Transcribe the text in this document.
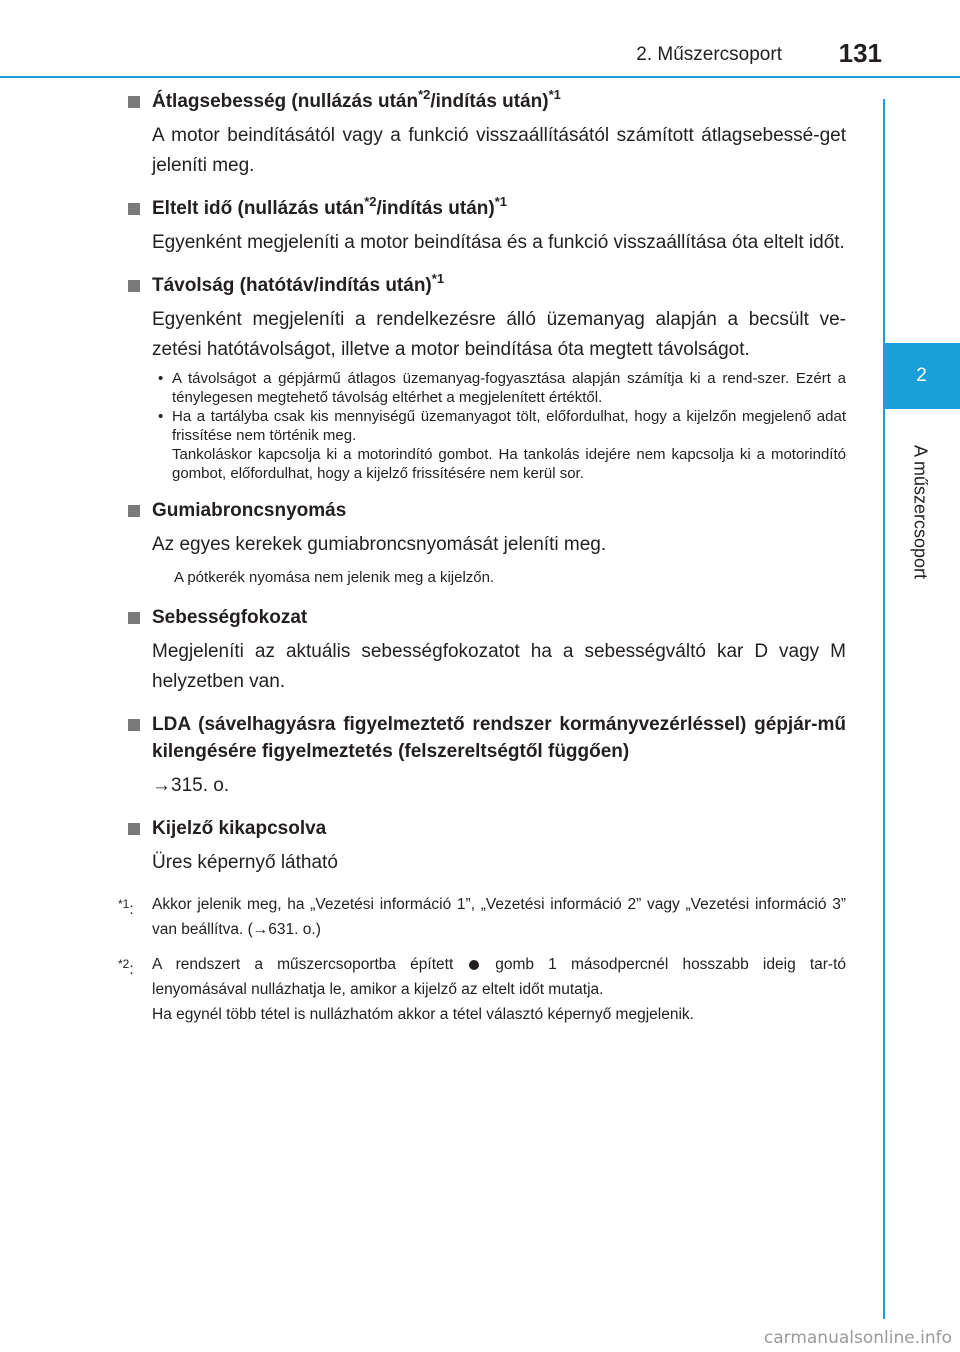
2. Műszercsoport 131
2
A műszercsoport
Átlagsebesség (nullázás után$^{*2}$/indítás után)$^{*1}$
A motor beindításától vagy a funkció visszaállításától számított átlagsebessé-get jeleníti meg.
Eltelt idő (nullázás után$^{*2}$/indítás után)$^{*1}$
Egyenként megjeleníti a motor beindítása és a funkció visszaállítása óta eltelt időt.
Távolság (hatótáv/indítás után)$^{*1}$
Egyenként megjeleníti a rendelkezésre álló üzemanyag alapján a becsült ve-zetési hatótávolságot, illetve a motor beindítása óta megtett távolságot.
• A távolságot a gépjármű átlagos üzemanyag-fogyasztása alapján számítja ki a rend-szer. Ezért a ténylegesen megtehető távolság eltérhet a megjelenített értéktől.
• Ha a tartályba csak kis mennyiségű üzemanyagot tölt, előfordulhat, hogy a kijelzőn megjelenő adat frissítése nem történik meg.
Tankoláskor kapcsolja ki a motorindító gombot. Ha tankolás idejére nem kapcsolja ki a motorindító gombot, előfordulhat, hogy a kijelző frissítésére nem kerül sor.
Gumiabroncsnyomás
Az egyes kerekek gumiabroncsnyomását jeleníti meg.
A pótkerék nyomása nem jelenik meg a kijelzőn.
Sebességfokozat
Megjeleníti az aktuális sebességfokozatot ha a sebességváltó kar D vagy M helyzetben van.
LDA (sávelhagyásra figyelmeztető rendszer kormányvezérléssel) gépjár-mű kilengésére figyelmeztetés (felszereltségtől függően)
→315. o.
Kijelző kikapcsolva
Üres képernyő látható
$^{*1}$:	Akkor jelenik meg, ha „Vezetési információ 1”, „Vezetési információ 2” vagy „Vezetési információ 3” van beállítva. (→631. o.)
$^{*2}$:	A rendszert a műszercsoportba épített	gomb 1 másodpercnél hosszabb ideig tar-tó lenyomásával nullázhatja le, amikor a kijelző az eltelt időt mutatja.
Ha egynél több tétel is nullázhatóm akkor a tétel választó képernyő megjelenik.
carmanualsonline.info
